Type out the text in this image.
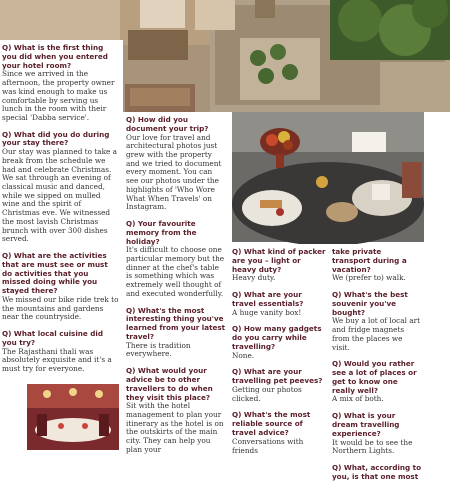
Q) What is the first thing you did when you entered your hotel room?
Since we arrived in the afternoon, the property owner was kind enough to make us comfortable by serving us lunch in the room with their special 'Dabba service'.
Q) What did you do during your stay there?
Our stay was planned to take a break from the schedule we had and celebrate Christmas. We sat through an evening of classical music and danced, while we sipped on mulled wine and the spirit of Christmas eve. We witnessed the most lavish Christmas brunch with over 300 dishes served.
Q) What are the activities that are must see or must do activities that you missed doing while you stayed there?
We missed our bike ride trek to the mountains and gardens near the countryside.
Q) What local cuisine did you try?
The Rajasthani thali was absolutely exquisite and it's a must try for everyone.
Q) How did you document your trip?
Our love for travel and architectural photos just grew with the property and we tried to document every moment. You can see our photos under the highlights of 'Who Wore What When Travels' on Instagram.
Q) Your favourite memory from the holiday?
It's difficult to choose one particular memory but the dinner at the chef's table is something which was extremely well thought of and executed wonderfully.
Q) What's the most interesting thing you've learned from your latest travel?
There is tradition everywhere.
Q) What would your advice be to other travellers to do when they visit this place?
Sit with the hotel management to plan your itinerary as the hotel is on the outskirts of the main city. They can help you plan your
Q) What kind of packer are you – light or heavy duty?
Heavy duty.
Q) What are your travel essentials?
A huge vanity box!
Q) How many gadgets do you carry while travelling?
None.
Q) What are your travelling pet peeves?
Getting our photos clicked.
Q) What's the most reliable source of travel advice?
Conversations with friends
take private transport during a vacation?
We (prefer to) walk.
Q) What's the best souvenir you've bought?
We buy a lot of local art and fridge magnets from the places we visit.
Q) Would you rather see a lot of places or get to know one really well?
A mix of both.
Q) What is your dream travelling experience?
It would be to see the Northern Lights.
Q) What, according to you, is that one most
